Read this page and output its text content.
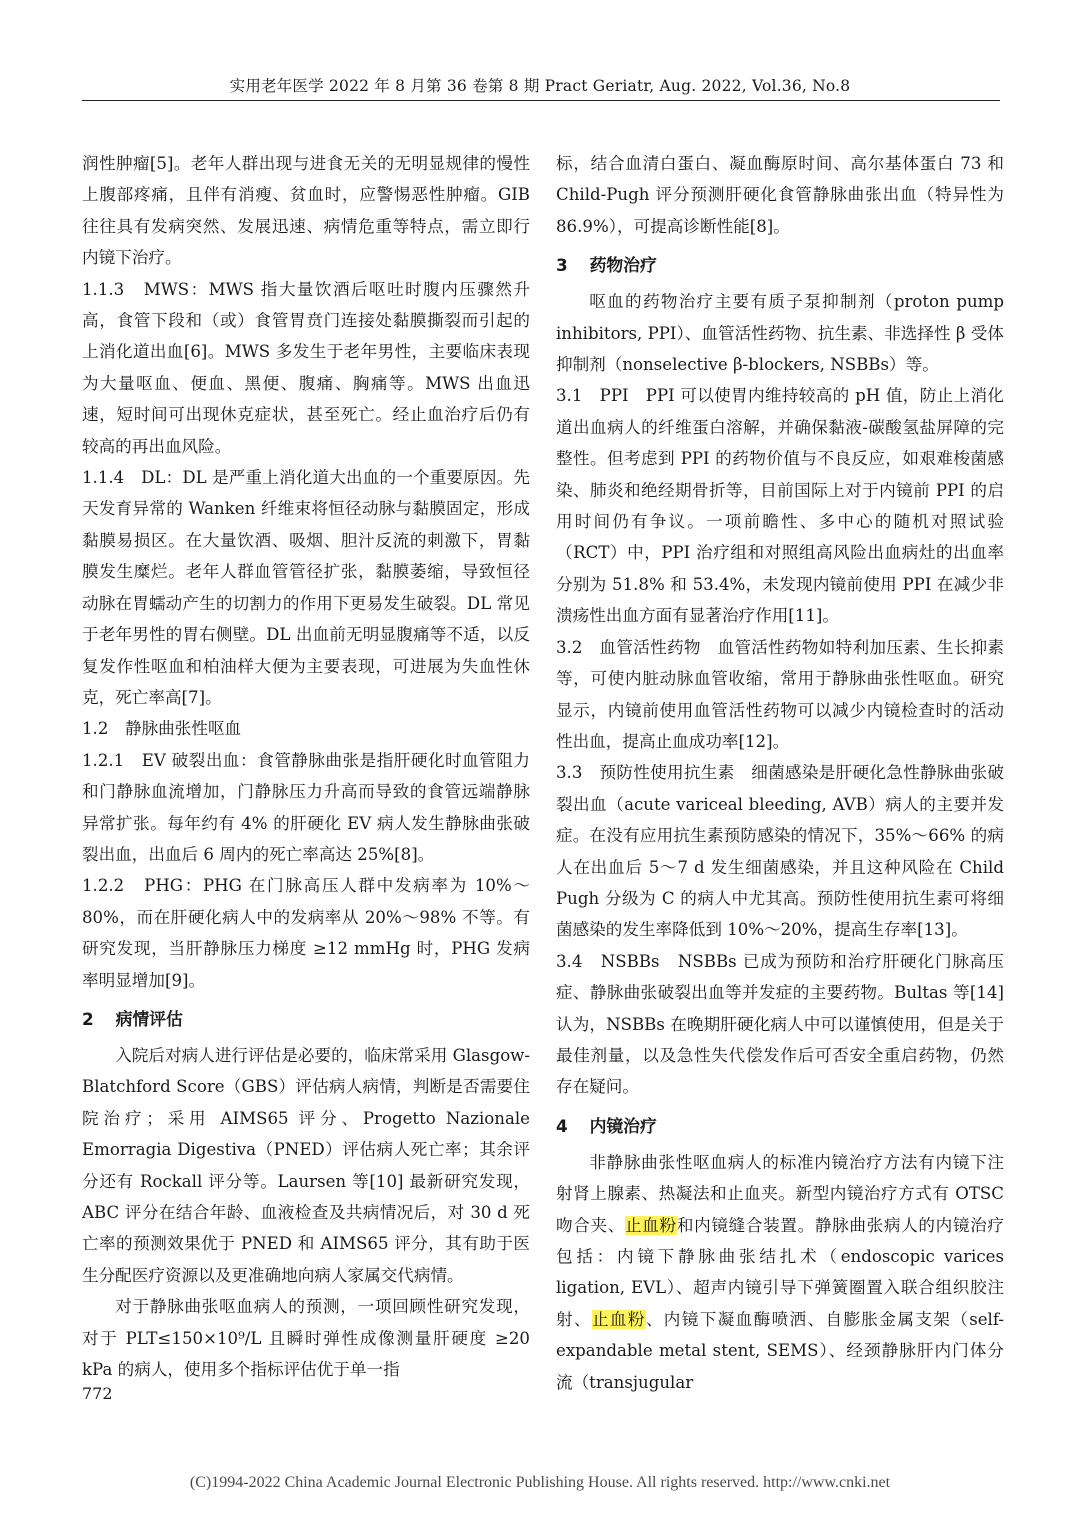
实用老年医学 2022 年 8 月第 36 卷第 8 期 Pract Geriatr, Aug. 2022, Vol.36, No.8

润性肿瘤[5]。老年人群出现与进食无关的无明显规律的慢性上腹部疼痛，且伴有消瘦、贫血时，应警惕恶性肿瘤。GIB 往往具有发病突然、发展迅速、病情危重等特点，需立即行内镜下治疗。

1.1.3　MWS：MWS 指大量饮酒后呕吐时腹内压骤然升高，食管下段和（或）食管胃贲门连接处黏膜撕裂而引起的上消化道出血[6]。MWS 多发生于老年男性，主要临床表现为大量呕血、便血、黑便、腹痛、胸痛等。MWS 出血迅速，短时间可出现休克症状，甚至死亡。经止血治疗后仍有较高的再出血风险。

1.1.4　DL：DL 是严重上消化道大出血的一个重要原因。先天发育异常的 Wanken 纤维束将恒径动脉与黏膜固定，形成黏膜易损区。在大量饮酒、吸烟、胆汁反流的刺激下，胃黏膜发生糜烂。老年人群血管管径扩张，黏膜萎缩，导致恒径动脉在胃蠕动产生的切割力的作用下更易发生破裂。DL 常见于老年男性的胃右侧壁。DL 出血前无明显腹痛等不适，以反复发作性呕血和柏油样大便为主要表现，可进展为失血性休克，死亡率高[7]。

1.2　静脉曲张性呕血

1.2.1　EV 破裂出血：食管静脉曲张是指肝硬化时血管阻力和门静脉血流增加，门静脉压力升高而导致的食管远端静脉异常扩张。每年约有 4% 的肝硬化 EV 病人发生静脉曲张破裂出血，出血后 6 周内的死亡率高达 25%[8]。

1.2.2　PHG：PHG 在门脉高压人群中发病率为 10%～80%，而在肝硬化病人中的发病率从 20%～98% 不等。有研究发现，当肝静脉压力梯度 ≥12 mmHg 时，PHG 发病率明显增加[9]。

2 病情评估

入院后对病人进行评估是必要的，临床常采用 Glasgow-Blatchford Score（GBS）评估病人病情，判断是否需要住院治疗；采用 AIMS65 评分、Progetto Nazionale Emorragia Digestiva（PNED）评估病人死亡率；其余评分还有 Rockall 评分等。Laursen 等[10] 最新研究发现，ABC 评分在结合年龄、血液检查及共病情况后，对 30 d 死亡率的预测效果优于 PNED 和 AIMS65 评分，其有助于医生分配医疗资源以及更准确地向病人家属交代病情。

对于静脉曲张呕血病人的预测，一项回顾性研究发现，对于 PLT≤150×10⁹/L 且瞬时弹性成像测量肝硬度 ≥20 kPa 的病人，使用多个指标评估优于单一指

标，结合血清白蛋白、凝血酶原时间、高尔基体蛋白 73 和 Child-Pugh 评分预测肝硬化食管静脉曲张出血（特异性为 86.9%），可提高诊断性能[8]。

3 药物治疗

呕血的药物治疗主要有质子泵抑制剂（proton pump inhibitors, PPI）、血管活性药物、抗生素、非选择性 β 受体抑制剂（nonselective β-blockers, NSBBs）等。

3.1　PPI　PPI 可以使胃内维持较高的 pH 值，防止上消化道出血病人的纤维蛋白溶解，并确保黏液-碳酸氢盐屏障的完整性。但考虑到 PPI 的药物价值与不良反应，如艰难梭菌感染、肺炎和绝经期骨折等，目前国际上对于内镜前 PPI 的启用时间仍有争议。一项前瞻性、多中心的随机对照试验（RCT）中，PPI 治疗组和对照组高风险出血病灶的出血率分别为 51.8% 和 53.4%，未发现内镜前使用 PPI 在减少非溃疡性出血方面有显著治疗作用[11]。

3.2　血管活性药物　血管活性药物如特利加压素、生长抑素等，可使内脏动脉血管收缩，常用于静脉曲张性呕血。研究显示，内镜前使用血管活性药物可以减少内镜检查时的活动性出血，提高止血成功率[12]。

3.3　预防性使用抗生素　细菌感染是肝硬化急性静脉曲张破裂出血（acute variceal bleeding, AVB）病人的主要并发症。在没有应用抗生素预防感染的情况下，35%～66% 的病人在出血后 5～7 d 发生细菌感染，并且这种风险在 Child Pugh 分级为 C 的病人中尤其高。预防性使用抗生素可将细菌感染的发生率降低到 10%～20%，提高生存率[13]。

3.4　NSBBs　NSBBs 已成为预防和治疗肝硬化门脉高压症、静脉曲张破裂出血等并发症的主要药物。Bultas 等[14] 认为，NSBBs 在晚期肝硬化病人中可以谨慎使用，但是关于最佳剂量，以及急性失代偿发作后可否安全重启药物，仍然存在疑问。

4 内镜治疗

非静脉曲张性呕血病人的标准内镜治疗方法有内镜下注射肾上腺素、热凝法和止血夹。新型内镜治疗方式有 OTSC 吻合夹、止血粉和内镜缝合装置。静脉曲张病人的内镜治疗包括：内镜下静脉曲张结扎术（endoscopic varices ligation, EVL）、超声内镜引导下弹簧圈置入联合组织胶注射、止血粉、内镜下凝血酶喷洒、自膨胀金属支架（self-expandable metal stent, SEMS）、经颈静脉肝内门体分流（transjugular

772
(C)1994-2022 China Academic Journal Electronic Publishing House. All rights reserved. http://www.cnki.net
